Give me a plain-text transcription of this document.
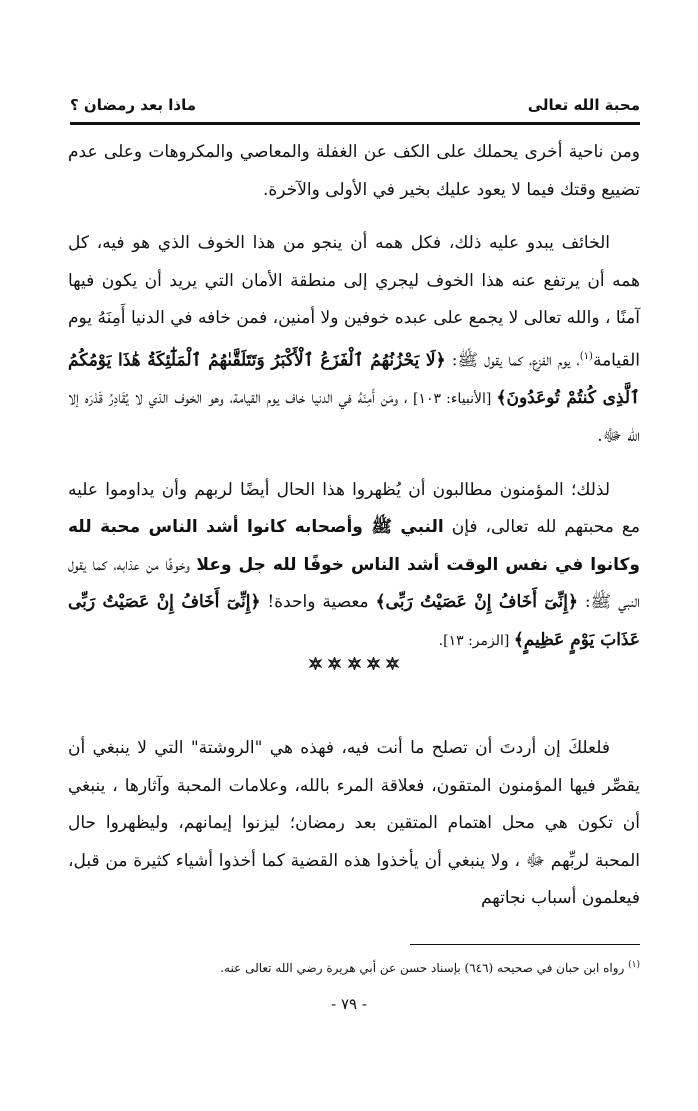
محبة الله تعالى
ماذا بعد رمضان ؟

ومن ناحية أخرى يحملك على الكف عن الغفلة والمعاصي والمكروهات وعلى عدم تضييع وقتك فيما لا يعود عليك بخير في الأولى والآخرة.

الخائف يبدو عليه ذلك، فكل همه أن ينجو من هذا الخوف الذي هو فيه، كل همه أن يرتفع عنه هذا الخوف ليجري إلى منطقة الأمان التي يريد أن يكون فيها آمنًا ، والله تعالى لا يجمع على عبده خوفين ولا أمنين، فمن خافه في الدنيا أَمِنَهُ يوم القيامة$^{(١)}$، يوم الفزع، كما يقول ﷺ: ﴿لَا يَحْزُنُهُمُ ٱلْفَزَعُ ٱلْأَكْبَرُ وَتَتَلَقَّىٰهُمُ ٱلْمَلَٰٓئِكَةُ هَٰذَا يَوْمُكُمُ ٱلَّذِى كُنتُمْ تُوعَدُونَ﴾ [الأنبياء: ١٠٣] ، ومَن أَمِنَهُ في الدنيا خاف يوم القيامة، وهو الخوف الذي لا يُقَادِرُ قَدْرَه إلا الله ﷻ.

لذلك؛ المؤمنون مطالبون أن يُظهروا هذا الحال أيضًا لربهم وأن يداوموا عليه مع محبتهم لله تعالى، فإن النبي ﷺ وأصحابه كانوا أشد الناس محبة لله وكانوا في نفس الوقت أشد الناس خوفًا لله جل وعلا وخوفًا من عذابه، كما يقول النبي ﷺ: ﴿إِنِّىٓ أَخَافُ إِنْ عَصَيْتُ رَبِّى﴾ معصية واحدة! ﴿إِنِّىٓ أَخَافُ إِنْ عَصَيْتُ رَبِّى عَذَابَ يَوْمٍ عَظِيمٍ﴾ [الزمر: ١٣].

فلعلكَ إن أردتَ أن تصلح ما أنت فيه، فهذه هي "الروشتة" التي لا ينبغي أن يقصِّر فيها المؤمنون المتقون، فعلاقة المرء بالله، وعلامات المحبة وآثارها ، ينبغي أن تكون هي محل اهتمام المتقين بعد رمضان؛ ليزنوا إيمانهم، وليظهروا حال المحبة لربِّهم ﷻ ، ولا ينبغي أن يأخذوا هذه القضية كما أخذوا أشياء كثيرة من قبل، فيعلمون أسباب نجاتهم

$^{(١)}$ رواه ابن حبان في صحيحه (٦٤٦) بإسناد حسن عن أبي هريرة رضي الله تعالى عنه.
- ٧٩ -
